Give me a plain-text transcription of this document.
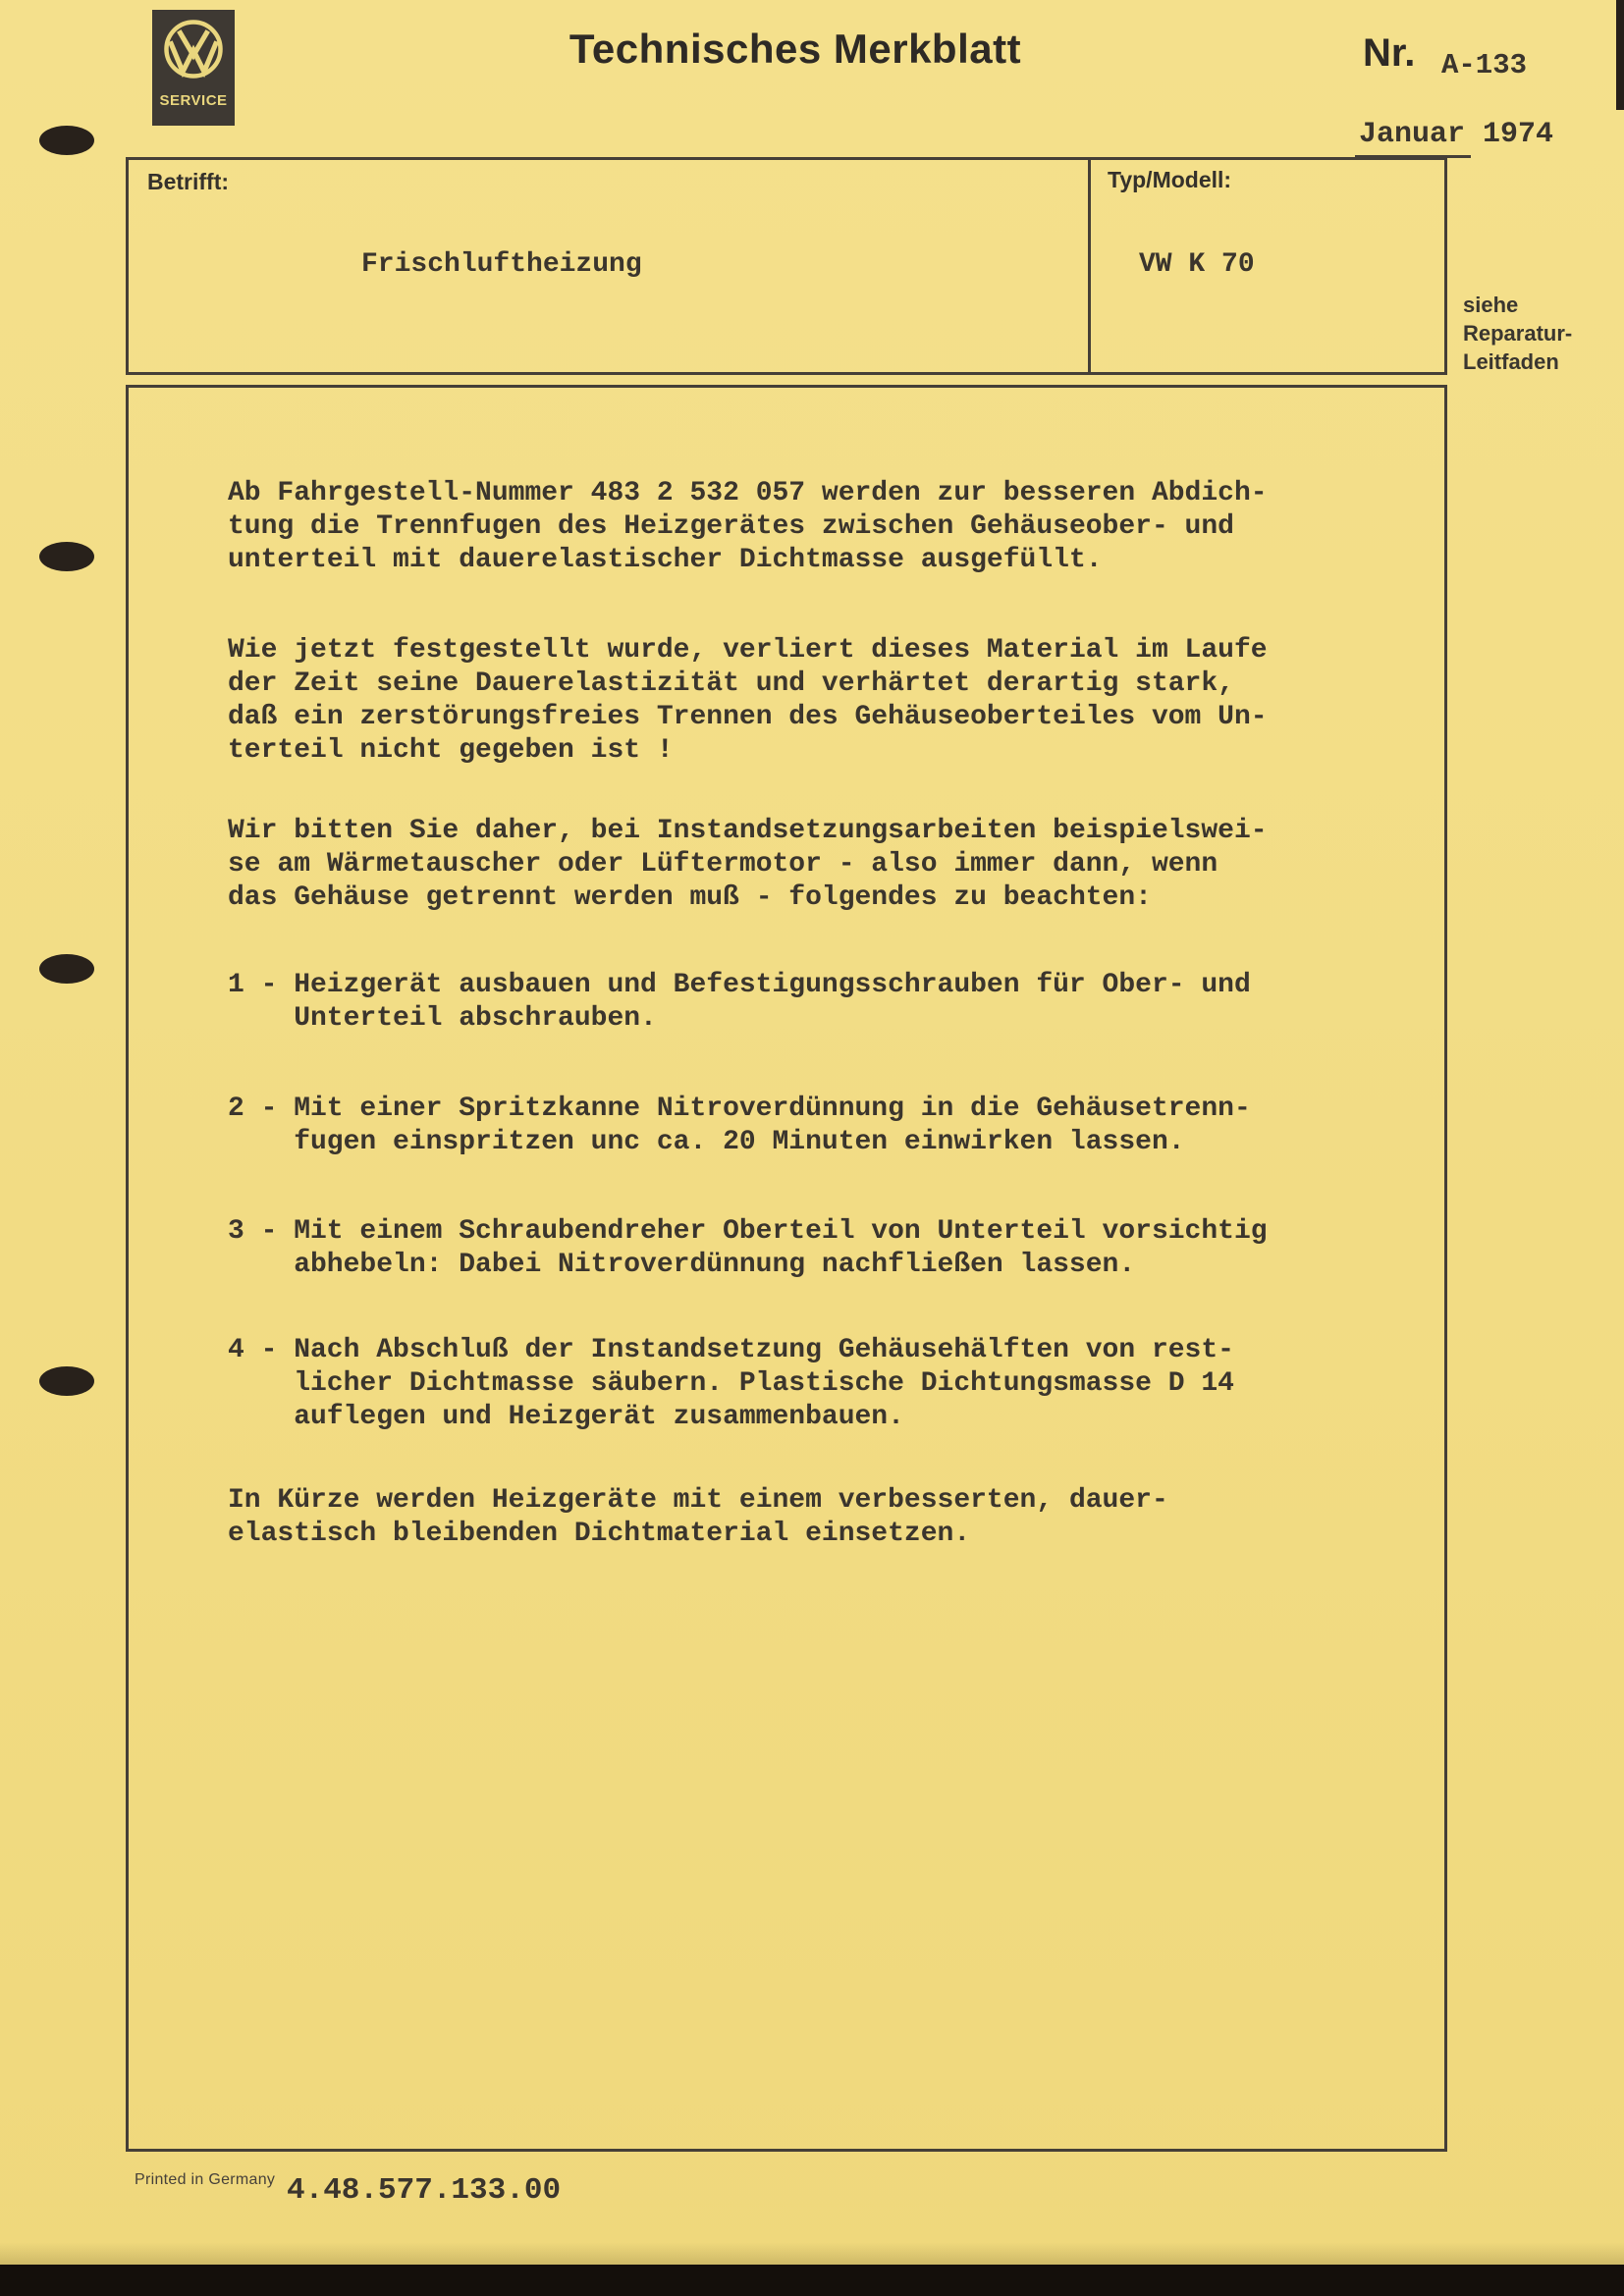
SERVICE
Technisches Merkblatt	Nr. A-133
Januar 1974
Betrifft:
Frischluftheizung
Typ/Modell:
VW K 70
siehe
Reparatur-
Leitfaden
Ab Fahrgestell-Nummer 483 2 532 057 werden zur besseren Abdich-
tung die Trennfugen des Heizgerätes zwischen Gehäuseober- und
unterteil mit dauerelastischer Dichtmasse ausgefüllt.
Wie jetzt festgestellt wurde, verliert dieses Material im Laufe
der Zeit seine Dauerelastizität und verhärtet derartig stark,
daß ein zerstörungsfreies Trennen des Gehäuseoberteiles vom Un-
terteil nicht gegeben ist !
Wir bitten Sie daher, bei Instandsetzungsarbeiten beispielswei-
se am Wärmetauscher oder Lüftermotor - also immer dann, wenn
das Gehäuse getrennt werden muß - folgendes zu beachten:
1 - Heizgerät ausbauen und Befestigungsschrauben für Ober- und
Unterteil abschrauben.
2 - Mit einer Spritzkanne Nitroverdünnung in die Gehäusetrenn-
fugen einspritzen unc ca. 20 Minuten einwirken lassen.
3 - Mit einem Schraubendreher Oberteil von Unterteil vorsichtig
abhebeln: Dabei Nitroverdünnung nachfließen lassen.
4 - Nach Abschluß der Instandsetzung Gehäusehälften von rest-
licher Dichtmasse säubern. Plastische Dichtungsmasse D 14
auflegen und Heizgerät zusammenbauen.
In Kürze werden Heizgeräte mit einem verbesserten, dauer-
elastisch bleibenden Dichtmaterial einsetzen.
Printed in Germany 4.48.577.133.00
